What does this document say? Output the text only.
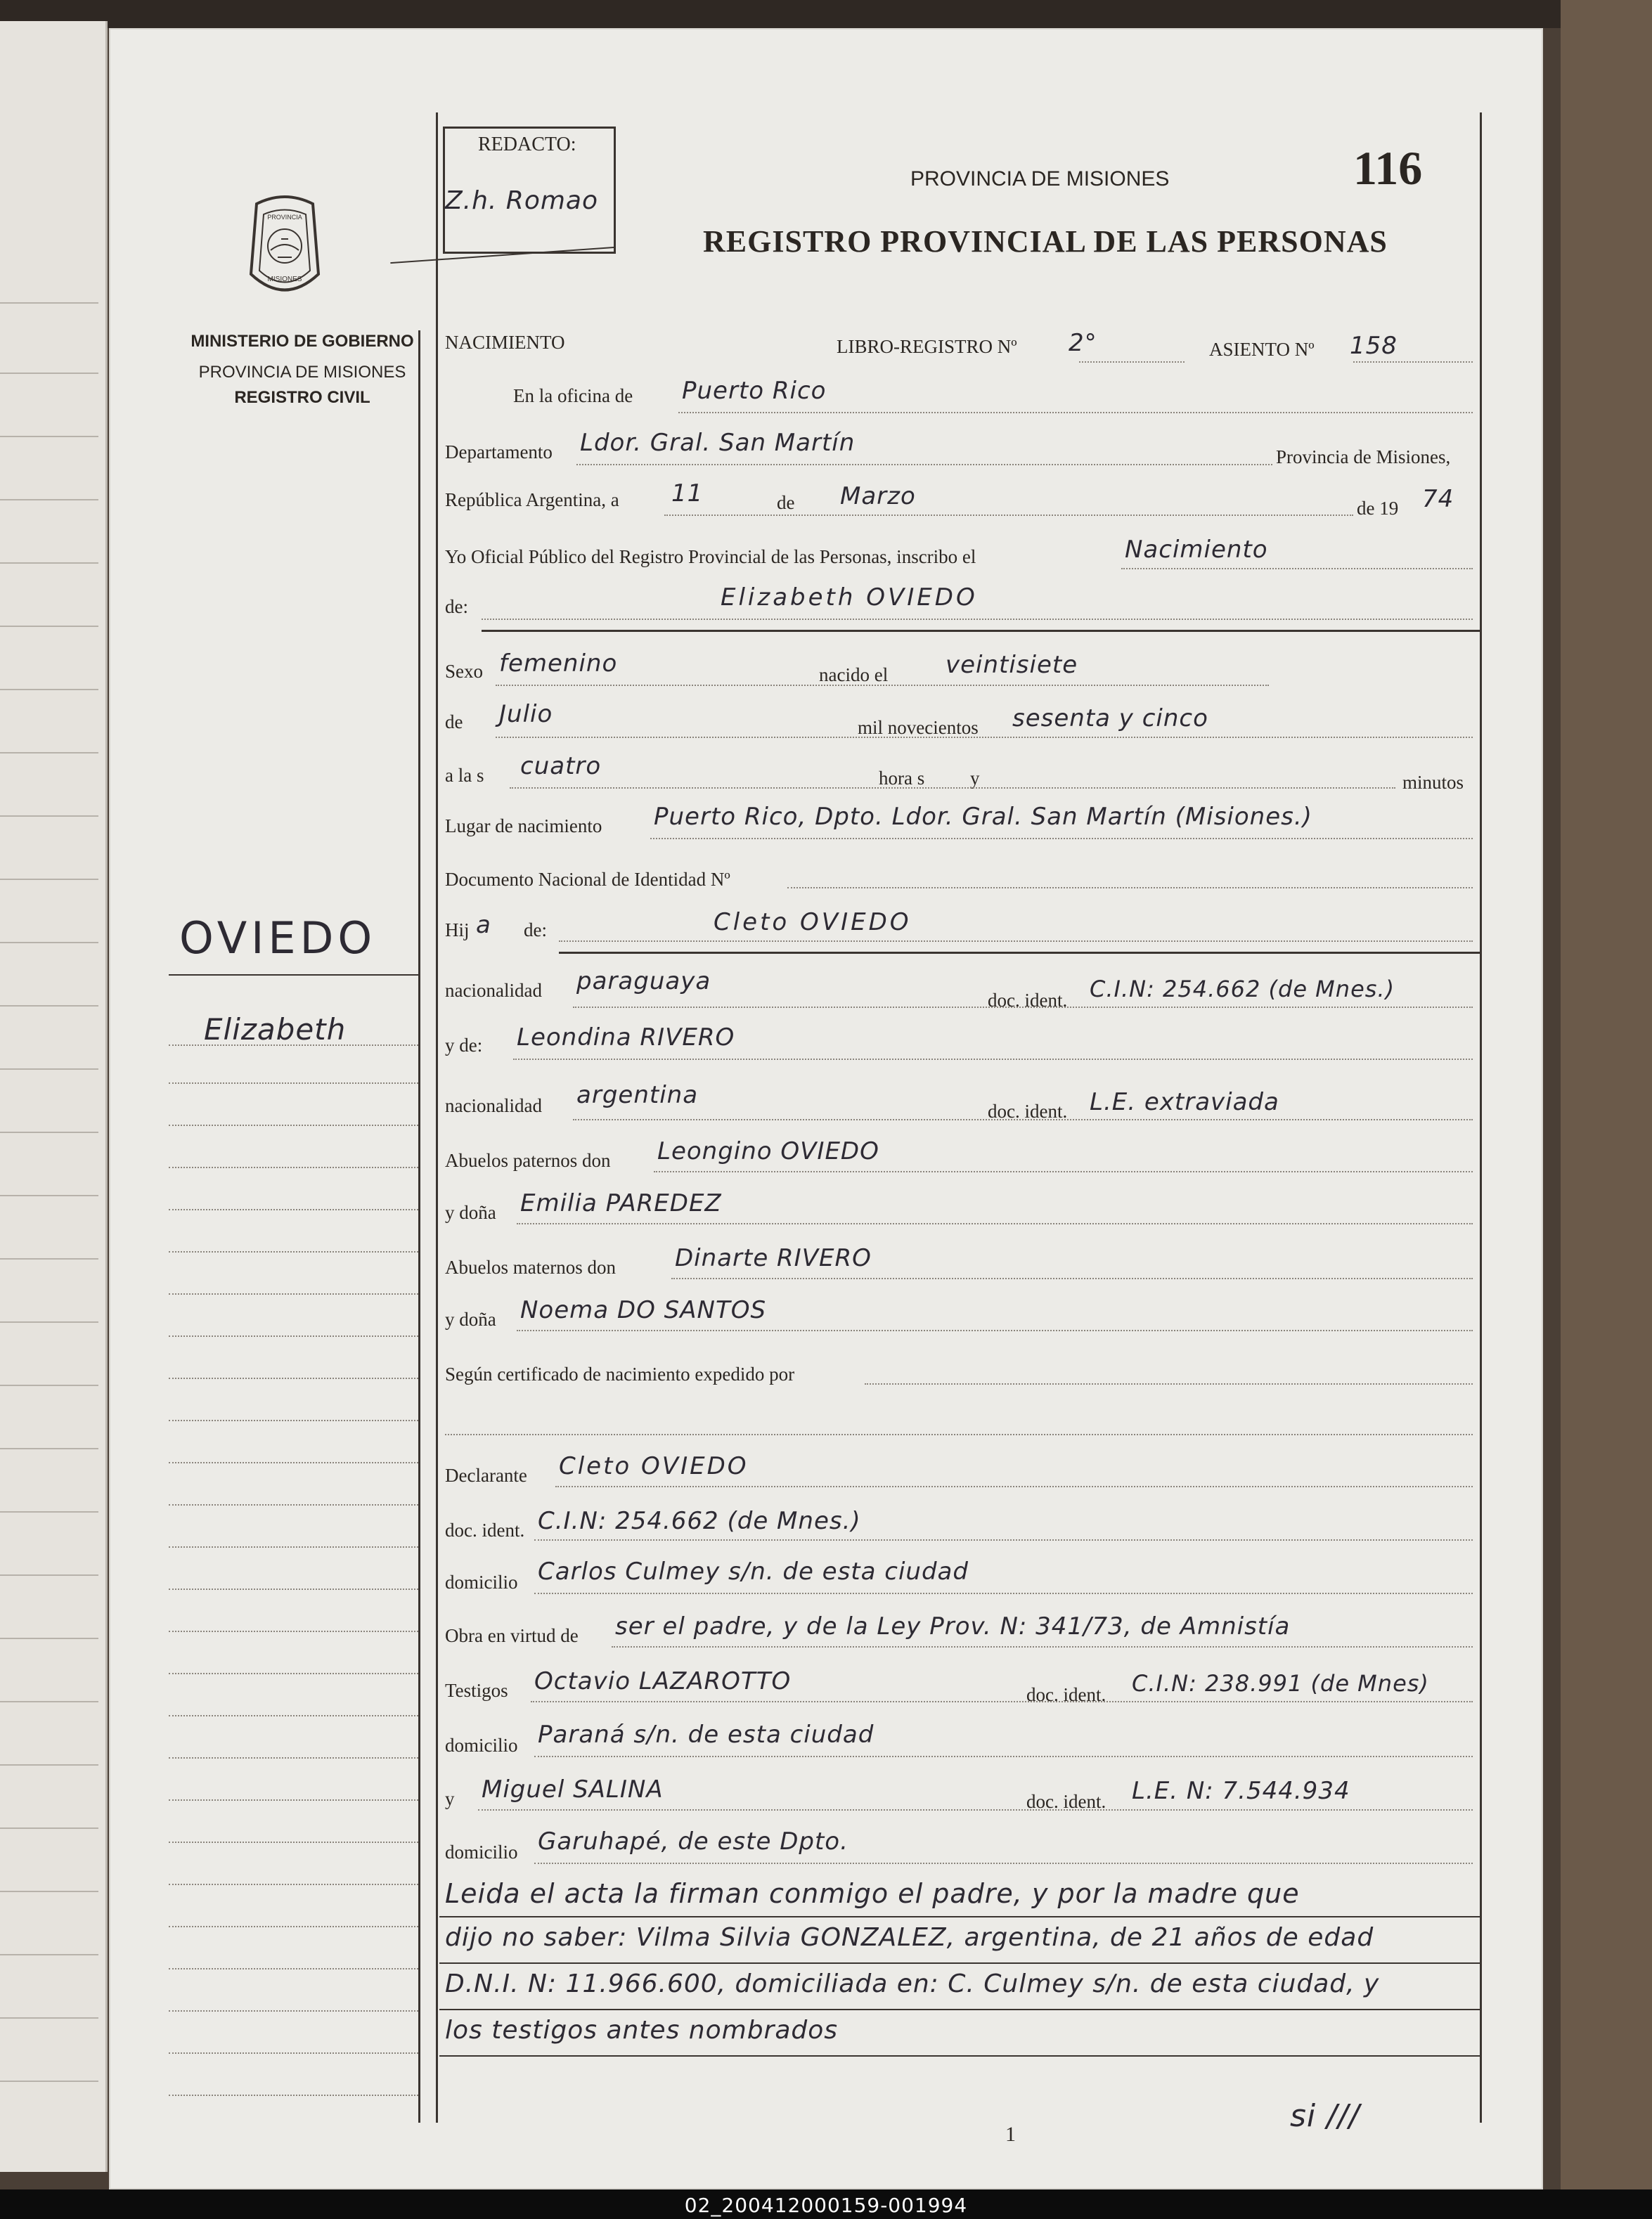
PROVINCIA
MISIONES
MINISTERIO DE GOBIERNO
PROVINCIA DE MISIONES
REGISTRO CIVIL
REDACTO:
Z.h. Romao
PROVINCIA DE MISIONES
REGISTRO PROVINCIAL DE LAS PERSONAS
116
NACIMIENTO	LIBRO-REGISTRO Nº 2°	ASIENTO Nº 158
En la oficina de Puerto Rico
Departamento Ldor. Gral. San Martín	Provincia de Misiones,
República Argentina, a 11	de Marzo	de 19 74
Yo Oficial Público del Registro Provincial de las Personas, inscribo el	Nacimiento
de:	Elizabeth OVIEDO
Sexo femenino	nacido el veintisiete
de Julio	mil novecientos sesenta y cinco
a la s cuatro	hora s y	minutos
Lugar de nacimiento Puerto Rico, Dpto. Ldor. Gral. San Martín (Misiones.)
Documento Nacional de Identidad Nº
Hij a de:	Cleto OVIEDO
nacionalidad paraguaya
doc. ident. C.I.N: 254.662 (de Mnes.)
y de: Leondina RIVERO
nacionalidad argentina
doc. ident. L.E. extraviada
Abuelos paternos don Leongino OVIEDO
y doña Emilia PAREDEZ
Abuelos maternos don Dinarte RIVERO
y doña Noema DO SANTOS
Según certificado de nacimiento expedido por
Declarante Cleto OVIEDO
doc. ident. C.I.N: 254.662 (de Mnes.)
domicilio Carlos Culmey s/n. de esta ciudad
Obra en virtud de ser el padre, y de la Ley Prov. N: 341/73, de Amnistía
Testigos Octavio LAZAROTTO	doc. ident. C.I.N: 238.991 (de Mnes)
domicilio Paraná s/n. de esta ciudad
y Miguel SALINA	doc. ident. L.E. N: 7.544.934
domicilio Garuhapé, de este Dpto.
Leida el acta la firman conmigo el padre, y por la madre que
dijo no saber: Vilma Silvia GONZALEZ, argentina, de 21 años de edad
D.N.I. N: 11.966.600, domiciliada en: C. Culmey s/n. de esta ciudad, y
los testigos antes nombrados
si ///
1
OVIEDO
Elizabeth
02_200412000159-001994
